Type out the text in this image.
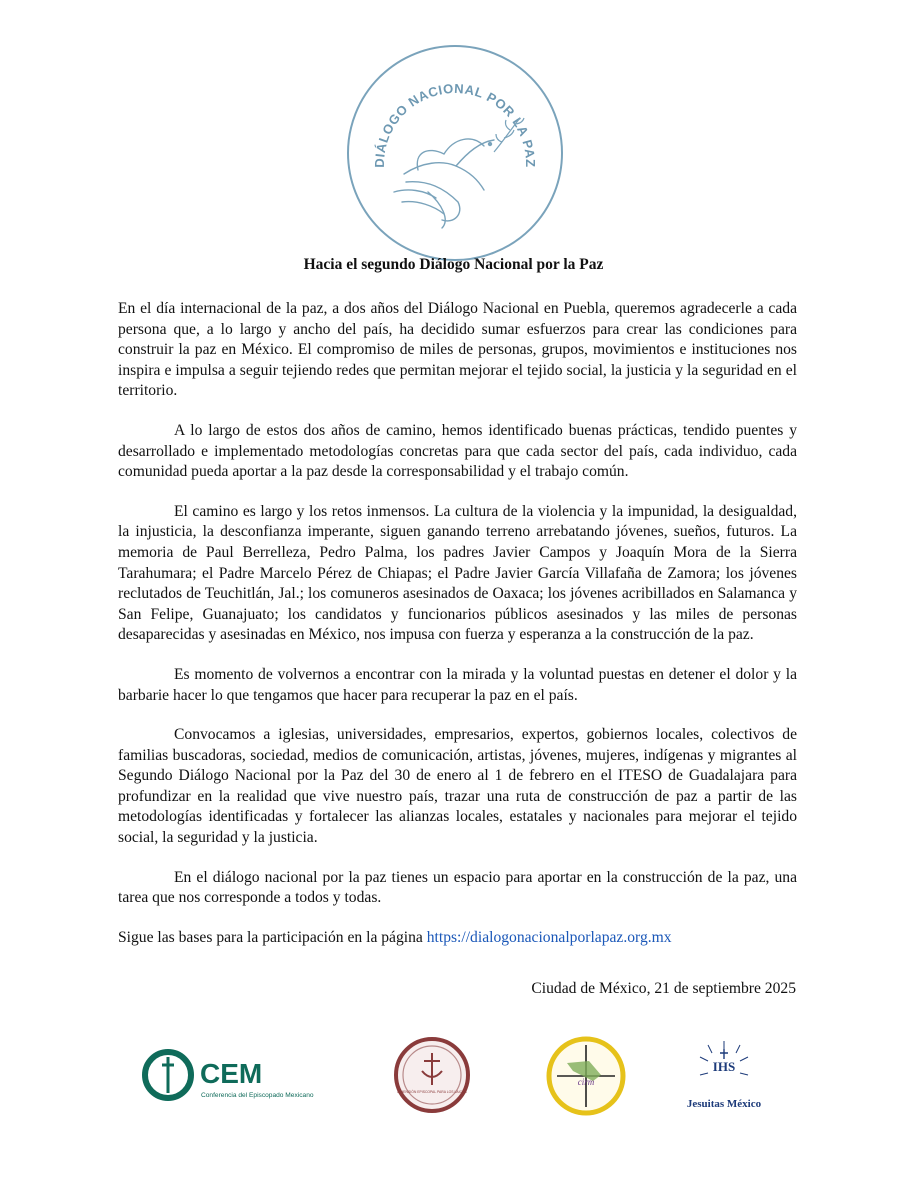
DIÁLOGO NACIONAL POR LA PAZ
Hacia el segundo Diálogo Nacional por la Paz

En el día internacional de la paz, a dos años del Diálogo Nacional en Puebla, queremos agradecerle a cada persona que, a lo largo y ancho del país, ha decidido sumar esfuerzos para crear las condiciones para construir la paz en México. El compromiso de miles de personas, grupos, movimientos e instituciones nos inspira e impulsa a seguir tejiendo redes que permitan mejorar el tejido social, la justicia y la seguridad en el territorio.

A lo largo de estos dos años de camino, hemos identificado buenas prácticas, tendido puentes y desarrollado e implementado metodologías concretas para que cada sector del país, cada individuo, cada comunidad pueda aportar a la paz desde la corresponsabilidad y el trabajo común.

El camino es largo y los retos inmensos. La cultura de la violencia y la impunidad, la desigualdad, la injusticia, la desconfianza imperante, siguen ganando terreno arrebatando jóvenes, sueños, futuros. La memoria de Paul Berrelleza, Pedro Palma, los padres Javier Campos y Joaquín Mora de la Sierra Tarahumara; el Padre Marcelo Pérez de Chiapas; el Padre Javier García Villafaña de Zamora; los jóvenes reclutados de Teuchitlán, Jal.; los comuneros asesinados de Oaxaca; los jóvenes acribillados en Salamanca y San Felipe, Guanajuato; los candidatos y funcionarios públicos asesinados y las miles de personas desaparecidas y asesinadas en México, nos impusa con fuerza y esperanza a la construcción de la paz.

Es momento de volvernos a encontrar con la mirada y la voluntad puestas en detener el dolor y la barbarie hacer lo que tengamos que hacer para recuperar la paz en el país.

Convocamos a iglesias, universidades, empresarios, expertos, gobiernos locales, colectivos de familias buscadoras, sociedad, medios de comunicación, artistas, jóvenes, mujeres, indígenas y migrantes al Segundo Diálogo Nacional por la Paz del 30 de enero al 1 de febrero en el ITESO de Guadalajara para profundizar en la realidad que vive nuestro país, trazar una ruta de construcción de paz a partir de las metodologías identificadas y fortalecer las alianzas locales, estatales y nacionales para mejorar el tejido social, la seguridad y la justicia.

En el diálogo nacional por la paz tienes un espacio para aportar en la construcción de la paz, una tarea que nos corresponde a todos y todas.

Sigue las bases para la participación en la página https://dialogonacionalporlapaz.org.mx

Ciudad de México, 21 de septiembre 2025
CEM
Conferencia del Episcopado Mexicano	DIMENSIÓN EPISCOPAL PARA LOS LAICOS
cirm
IHS
Jesuitas México
